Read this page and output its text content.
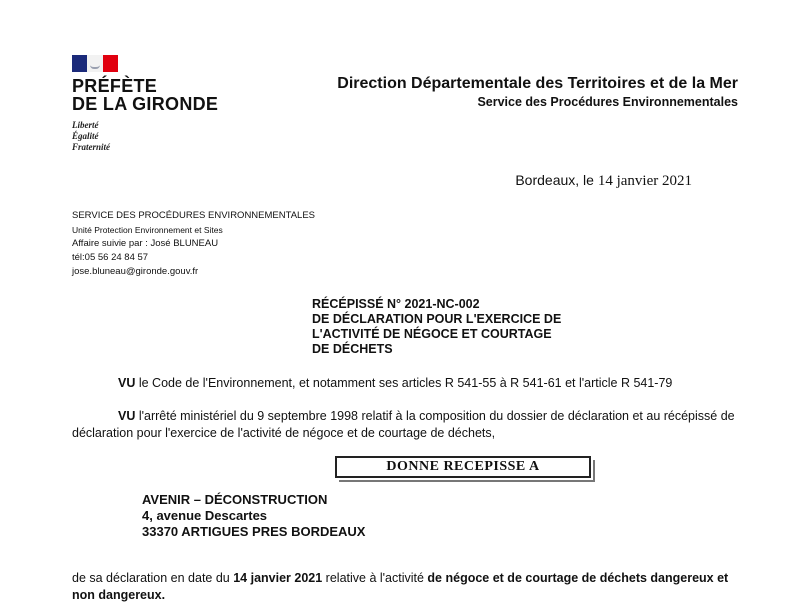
PRÉFÈTE
DE LA GIRONDE
Liberté
Égalité
Fraternité
Direction Départementale des Territoires et de la Mer
Service des Procédures Environnementales
Bordeaux, le 14 janvier 2021
SERVICE DES PROCÉDURES ENVIRONNEMENTALES
Unité Protection Environnement et Sites
Affaire suivie par : José BLUNEAU
tél:05 56 24 84 57
jose.bluneau@gironde.gouv.fr
RÉCÉPISSÉ N° 2021-NC-002
DE DÉCLARATION POUR L'EXERCICE DE
L'ACTIVITÉ DE NÉGOCE ET COURTAGE
DE DÉCHETS
VU le Code de l'Environnement, et notamment ses articles R 541-55 à R 541-61 et l'article R 541-79
VU l'arrêté ministériel du 9 septembre 1998 relatif à la composition du dossier de déclaration et au récépissé de déclaration pour l'exercice de l'activité de négoce et de courtage de déchets,
DONNE RECEPISSE A
AVENIR – DÉCONSTRUCTION
4, avenue Descartes
33370 ARTIGUES PRES BORDEAUX
de sa déclaration en date du 14 janvier 2021 relative à l'activité de négoce et de courtage de déchets dangereux et non dangereux.
